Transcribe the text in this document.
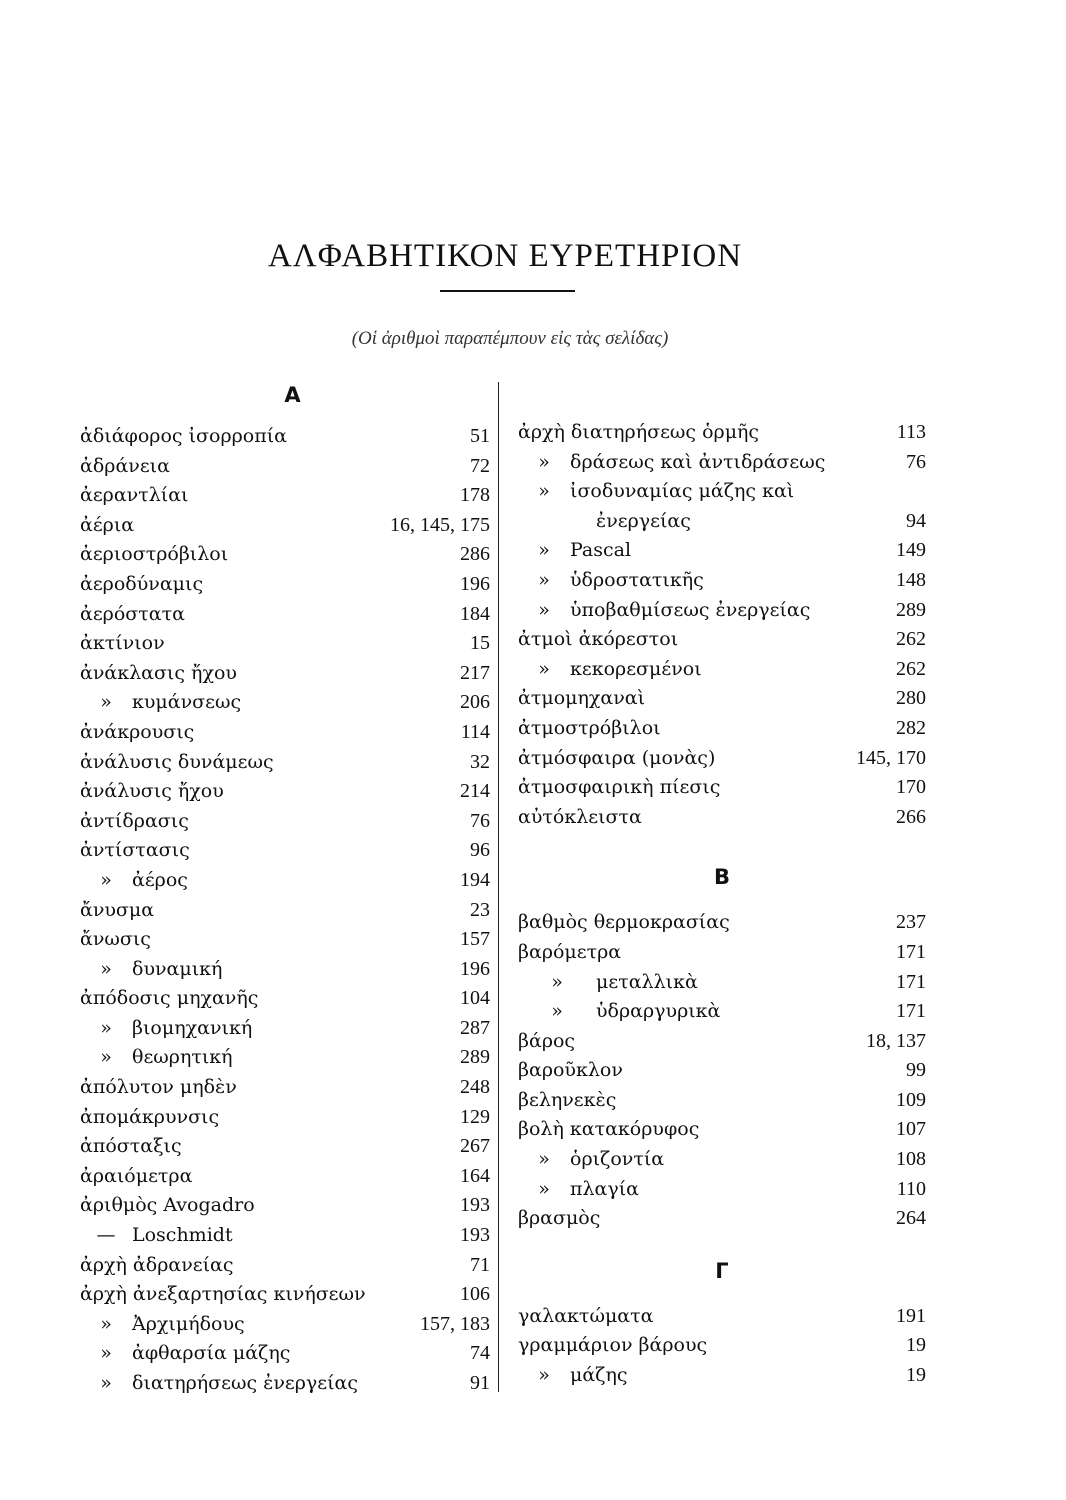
ΑΛΦΑΒΗΤΙΚΟΝ ΕΥΡΕΤΗΡΙΟΝ
(Οἱ ἀριθμοὶ παραπέμπουν εἰς τὰς σελίδας)
Α
ἀδιάφορος ἰσορροπία	51
ἀδράνεια	72
ἀεραντλίαι	178
ἀέρια	16, 145, 175
ἀεριοστρόβιλοι	286
ἀεροδύναμις	196
ἀερόστατα	184
ἀκτίνιον	15
ἀνάκλασις ἤχου	217
» κυμάνσεως	206
ἀνάκρουσις	114
ἀνάλυσις δυνάμεως	32
ἀνάλυσις ἤχου	214
ἀντίδρασις	76
ἀντίστασις	96
» ἀέρος	194
ἄνυσμα	23
ἄνωσις	157
» δυναμική	196
ἀπόδοσις μηχανῆς	104
» βιομηχανική	287
» θεωρητική	289
ἀπόλυτον μηδὲν	248
ἀπομάκρυνσις	129
ἀπόσταξις	267
ἀραιόμετρα	164
ἀριθμὸς Avogadro	193
— Loschmidt	193
ἀρχὴ ἀδρανείας	71
ἀρχὴ ἀνεξαρτησίας κινήσεων	106
» Ἀρχιμήδους	157, 183
» ἀφθαρσία μάζης	74
» διατηρήσεως ἐνεργείας	91
ἀρχὴ διατηρήσεως ὁρμῆς	113
» δράσεως καὶ ἀντιδράσεως	76
» ἰσοδυναμίας μάζης καὶ
ἐνεργείας	94
» Pascal	149
» ὑδροστατικῆς	148
» ὑποβαθμίσεως ἐνεργείας	289
ἀτμοὶ ἀκόρεστοι	262
» κεκορεσμένοι	262
ἀτμομηχαναὶ	280
ἀτμοστρόβιλοι	282
ἀτμόσφαιρα (μονὰς)	145, 170
ἀτμοσφαιρικὴ πίεσις	170
αὐτόκλειστα	266
Β
βαθμὸς θερμοκρασίας	237
βαρόμετρα	171
» μεταλλικὰ	171
» ὑδραργυρικὰ	171
βάρος	18, 137
βαροῦκλον	99
βεληνεκὲς	109
βολὴ κατακόρυφος	107
» ὁριζοντία	108
» πλαγία	110
βρασμὸς	264
Γ
γαλακτώματα	191
γραμμάριον βάρους	19
» μάζης	19
